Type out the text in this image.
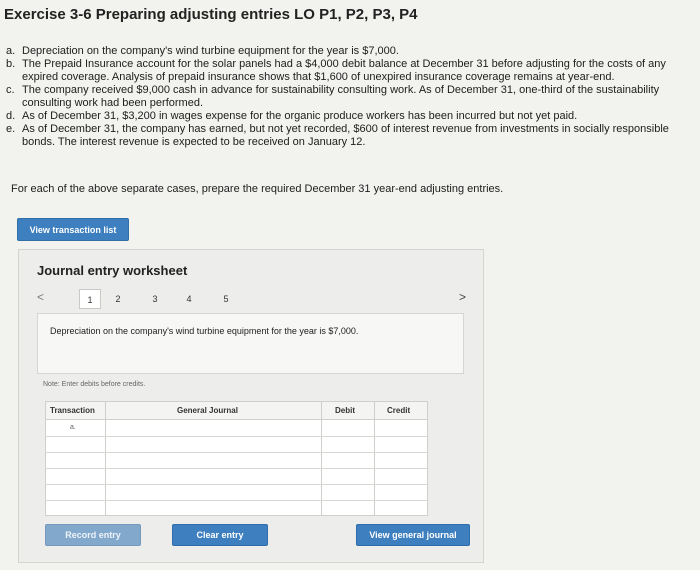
Exercise 3-6 Preparing adjusting entries LO P1, P2, P3, P4
a. Depreciation on the company's wind turbine equipment for the year is $7,000.
b. The Prepaid Insurance account for the solar panels had a $4,000 debit balance at December 31 before adjusting for the costs of any expired coverage. Analysis of prepaid insurance shows that $1,600 of unexpired insurance coverage remains at year-end.
c. The company received $9,000 cash in advance for sustainability consulting work. As of December 31, one-third of the sustainability consulting work had been performed.
d. As of December 31, $3,200 in wages expense for the organic produce workers has been incurred but not yet paid.
e. As of December 31, the company has earned, but not yet recorded, $600 of interest revenue from investments in socially responsible bonds. The interest revenue is expected to be received on January 12.
For each of the above separate cases, prepare the required December 31 year-end adjusting entries.
View transaction list
Journal entry worksheet
<	1	2	3	4	5	>
Depreciation on the company's wind turbine equipment for the year is $7,000.
Note: Enter debits before credits.
Transaction	General Journal	Debit	Credit
a.
Record entry	Clear entry	View general journal
